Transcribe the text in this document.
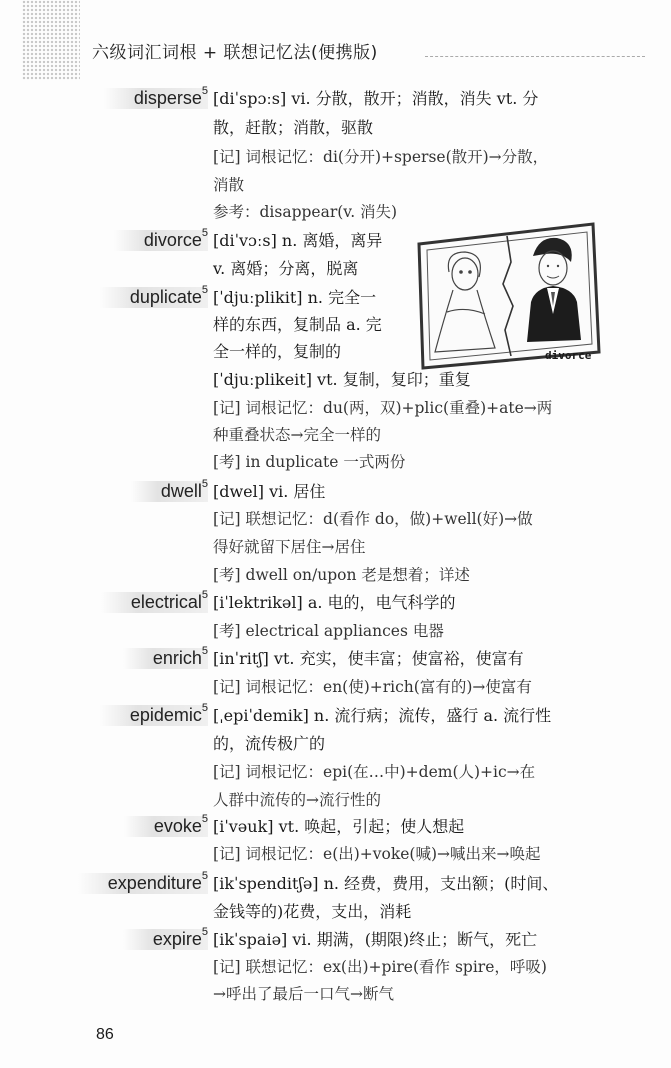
六级词汇词根 + 联想记忆法(便携版)
disperse$^5$ [diˈspɔːs] vi. 分散，散开；消散，消失 vt. 分
散，赶散；消散，驱散
[记] 词根记忆：di(分开)+sperse(散开)→分散，
消散
参考：disappear(v. 消失)
divorce$^5$ [diˈvɔːs] n. 离婚，离异
v. 离婚；分离，脱离
duplicate$^5$ [ˈdjuːplikit] n. 完全一
样的东西，复制品 a. 完
全一样的，复制的
[ˈdjuːplikeit] vt. 复制，复印；重复
[记] 词根记忆：du(两，双)+plic(重叠)+ate→两
种重叠状态→完全一样的
[考] in duplicate 一式两份
dwell$^5$ [dwel] vi. 居住
[记] 联想记忆：d(看作 do，做)+well(好)→做
得好就留下居住→居住
[考] dwell on/upon 老是想着；详述
electrical$^5$ [iˈlektrikəl] a. 电的，电气科学的
[考] electrical appliances 电器
enrich$^5$ [inˈritʃ] vt. 充实，使丰富；使富裕，使富有
[记] 词根记忆：en(使)+rich(富有的)→使富有
epidemic$^5$ [ˌepiˈdemik] n. 流行病；流传，盛行 a. 流行性
的，流传极广的
[记] 词根记忆：epi(在…中)+dem(人)+ic→在
人群中流传的→流行性的
evoke$^5$ [iˈvəuk] vt. 唤起，引起；使人想起
[记] 词根记忆：e(出)+voke(喊)→喊出来→唤起
expenditure$^5$ [ikˈspenditʃə] n. 经费，费用，支出额；(时间、
金钱等的)花费，支出，消耗
expire$^5$ [ikˈspaiə] vi. 期满，(期限)终止；断气，死亡
[记] 联想记忆：ex(出)+pire(看作 spire，呼吸)
→呼出了最后一口气→断气
divorce
86
